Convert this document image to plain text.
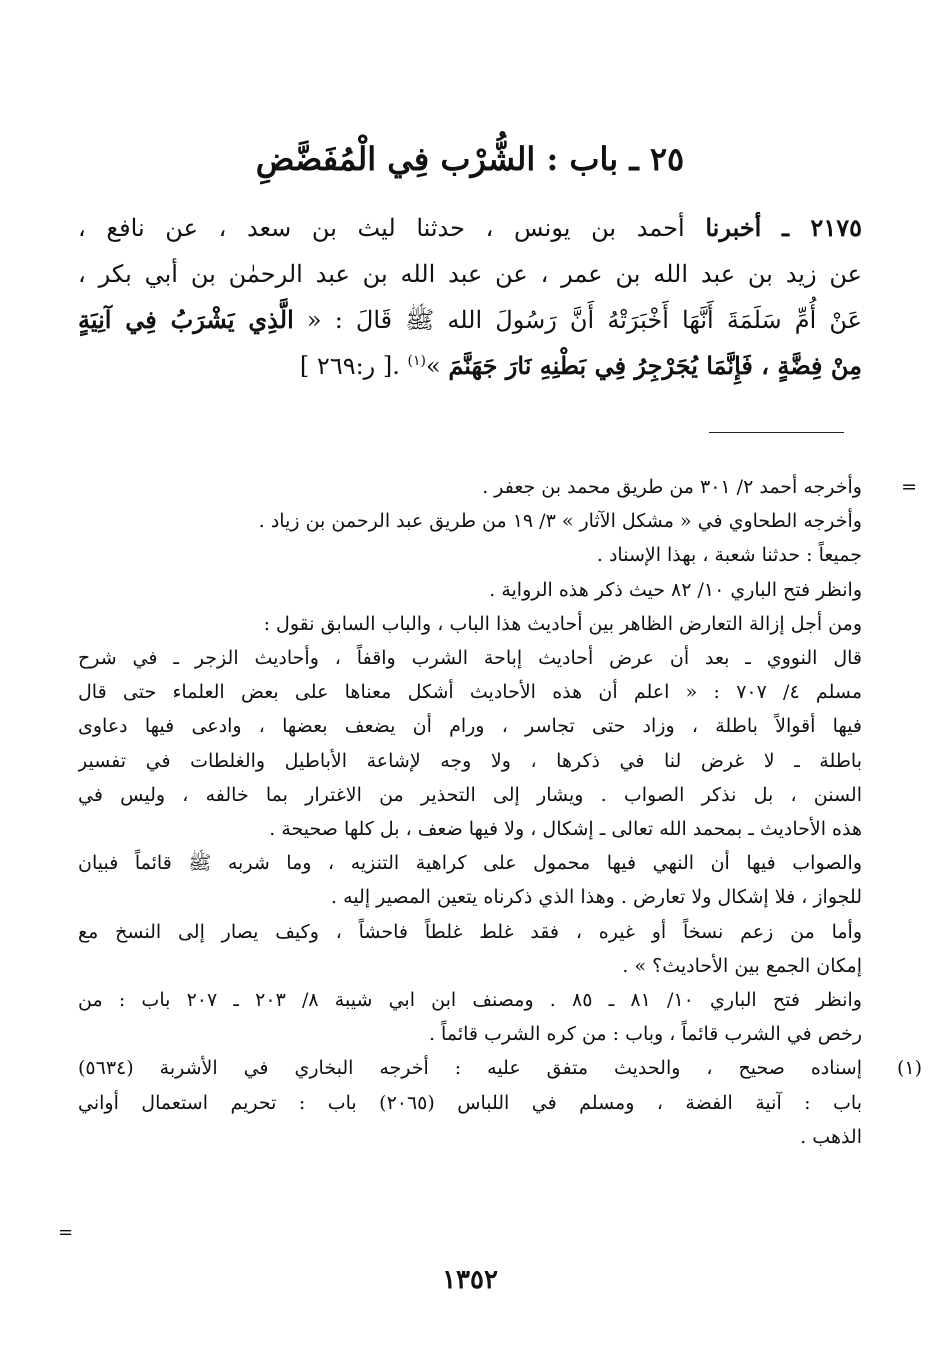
٢٥ ـ باب : الشُّرْب فِي الْمُفَضَّضِ

٢١٧٥ ـ أخبرنا أحمد بن يونس ، حدثنا ليث بن سعد ، عن نافع ،

عن زيد بن عبد الله بن عمر ، عن عبد الله بن عبد الرحمٰن بن أبي بكر ،

عَنْ أُمِّ سَلَمَةَ أَنَّهَا أَخْبَرَتْهُ أَنَّ رَسُولَ الله ﷺ قَالَ : « الَّذِي يَشْرَبُ فِي آنِيَةٍ

مِنْ فِضَّةٍ ، فَإِنَّمَا يُجَرْجِرُ فِي بَطْنِهِ نَارَ جَهَنَّمَ »$^{(١)}$ .[ ر:٢٦٩ ]

=

وأخرجه أحمد ٢/ ٣٠١ من طريق محمد بن جعفر .

وأخرجه الطحاوي في « مشكل الآثار » ٣/ ١٩ من طريق عبد الرحمن بن زياد .

جميعاً : حدثنا شعبة ، بهذا الإسناد .

وانظر فتح الباري ١٠/ ٨٢ حيث ذكر هذه الرواية .

ومن أجل إزالة التعارض الظاهر بين أحاديث هذا الباب ، والباب السابق نقول :

قال النووي ـ بعد أن عرض أحاديث إباحة الشرب واقفاً ، وأحاديث الزجر ـ في شرح

مسلم ٤/ ٧٠٧ : « اعلم أن هذه الأحاديث أشكل معناها على بعض العلماء حتى قال

فيها أقوالاً باطلة ، وزاد حتى تجاسر ، ورام أن يضعف بعضها ، وادعى فيها دعاوى

باطلة ـ لا غرض لنا في ذكرها ، ولا وجه لإشاعة الأباطيل والغلطات في تفسير

السنن ، بل نذكر الصواب . ويشار إلى التحذير من الاغترار بما خالفه ، وليس في

هذه الأحاديث ـ بمحمد الله تعالى ـ إشكال ، ولا فيها ضعف ، بل كلها صحيحة .

والصواب فيها أن النهي فيها محمول على كراهية التنزيه ، وما شربه ﷺ قائماً فبيان

للجواز ، فلا إشكال ولا تعارض . وهذا الذي ذكرناه يتعين المصير إليه .

وأما من زعم نسخاً أو غيره ، فقد غلط غلطاً فاحشاً ، وكيف يصار إلى النسخ مع

إمكان الجمع بين الأحاديث؟ » .

وانظر فتح الباري ١٠/ ٨١ ـ ٨٥ . ومصنف ابن ابي شيبة ٨/ ٢٠٣ ـ ٢٠٧ باب : من

رخص في الشرب قائماً ، وباب : من كره الشرب قائماً .

(١)

إسناده صحيح ، والحديث متفق عليه : أخرجه البخاري في الأشربة (٥٦٣٤)

باب : آنية الفضة ، ومسلم في اللباس (٢٠٦٥) باب : تحريم استعمال أواني

الذهب .

=
١٣٥٢
